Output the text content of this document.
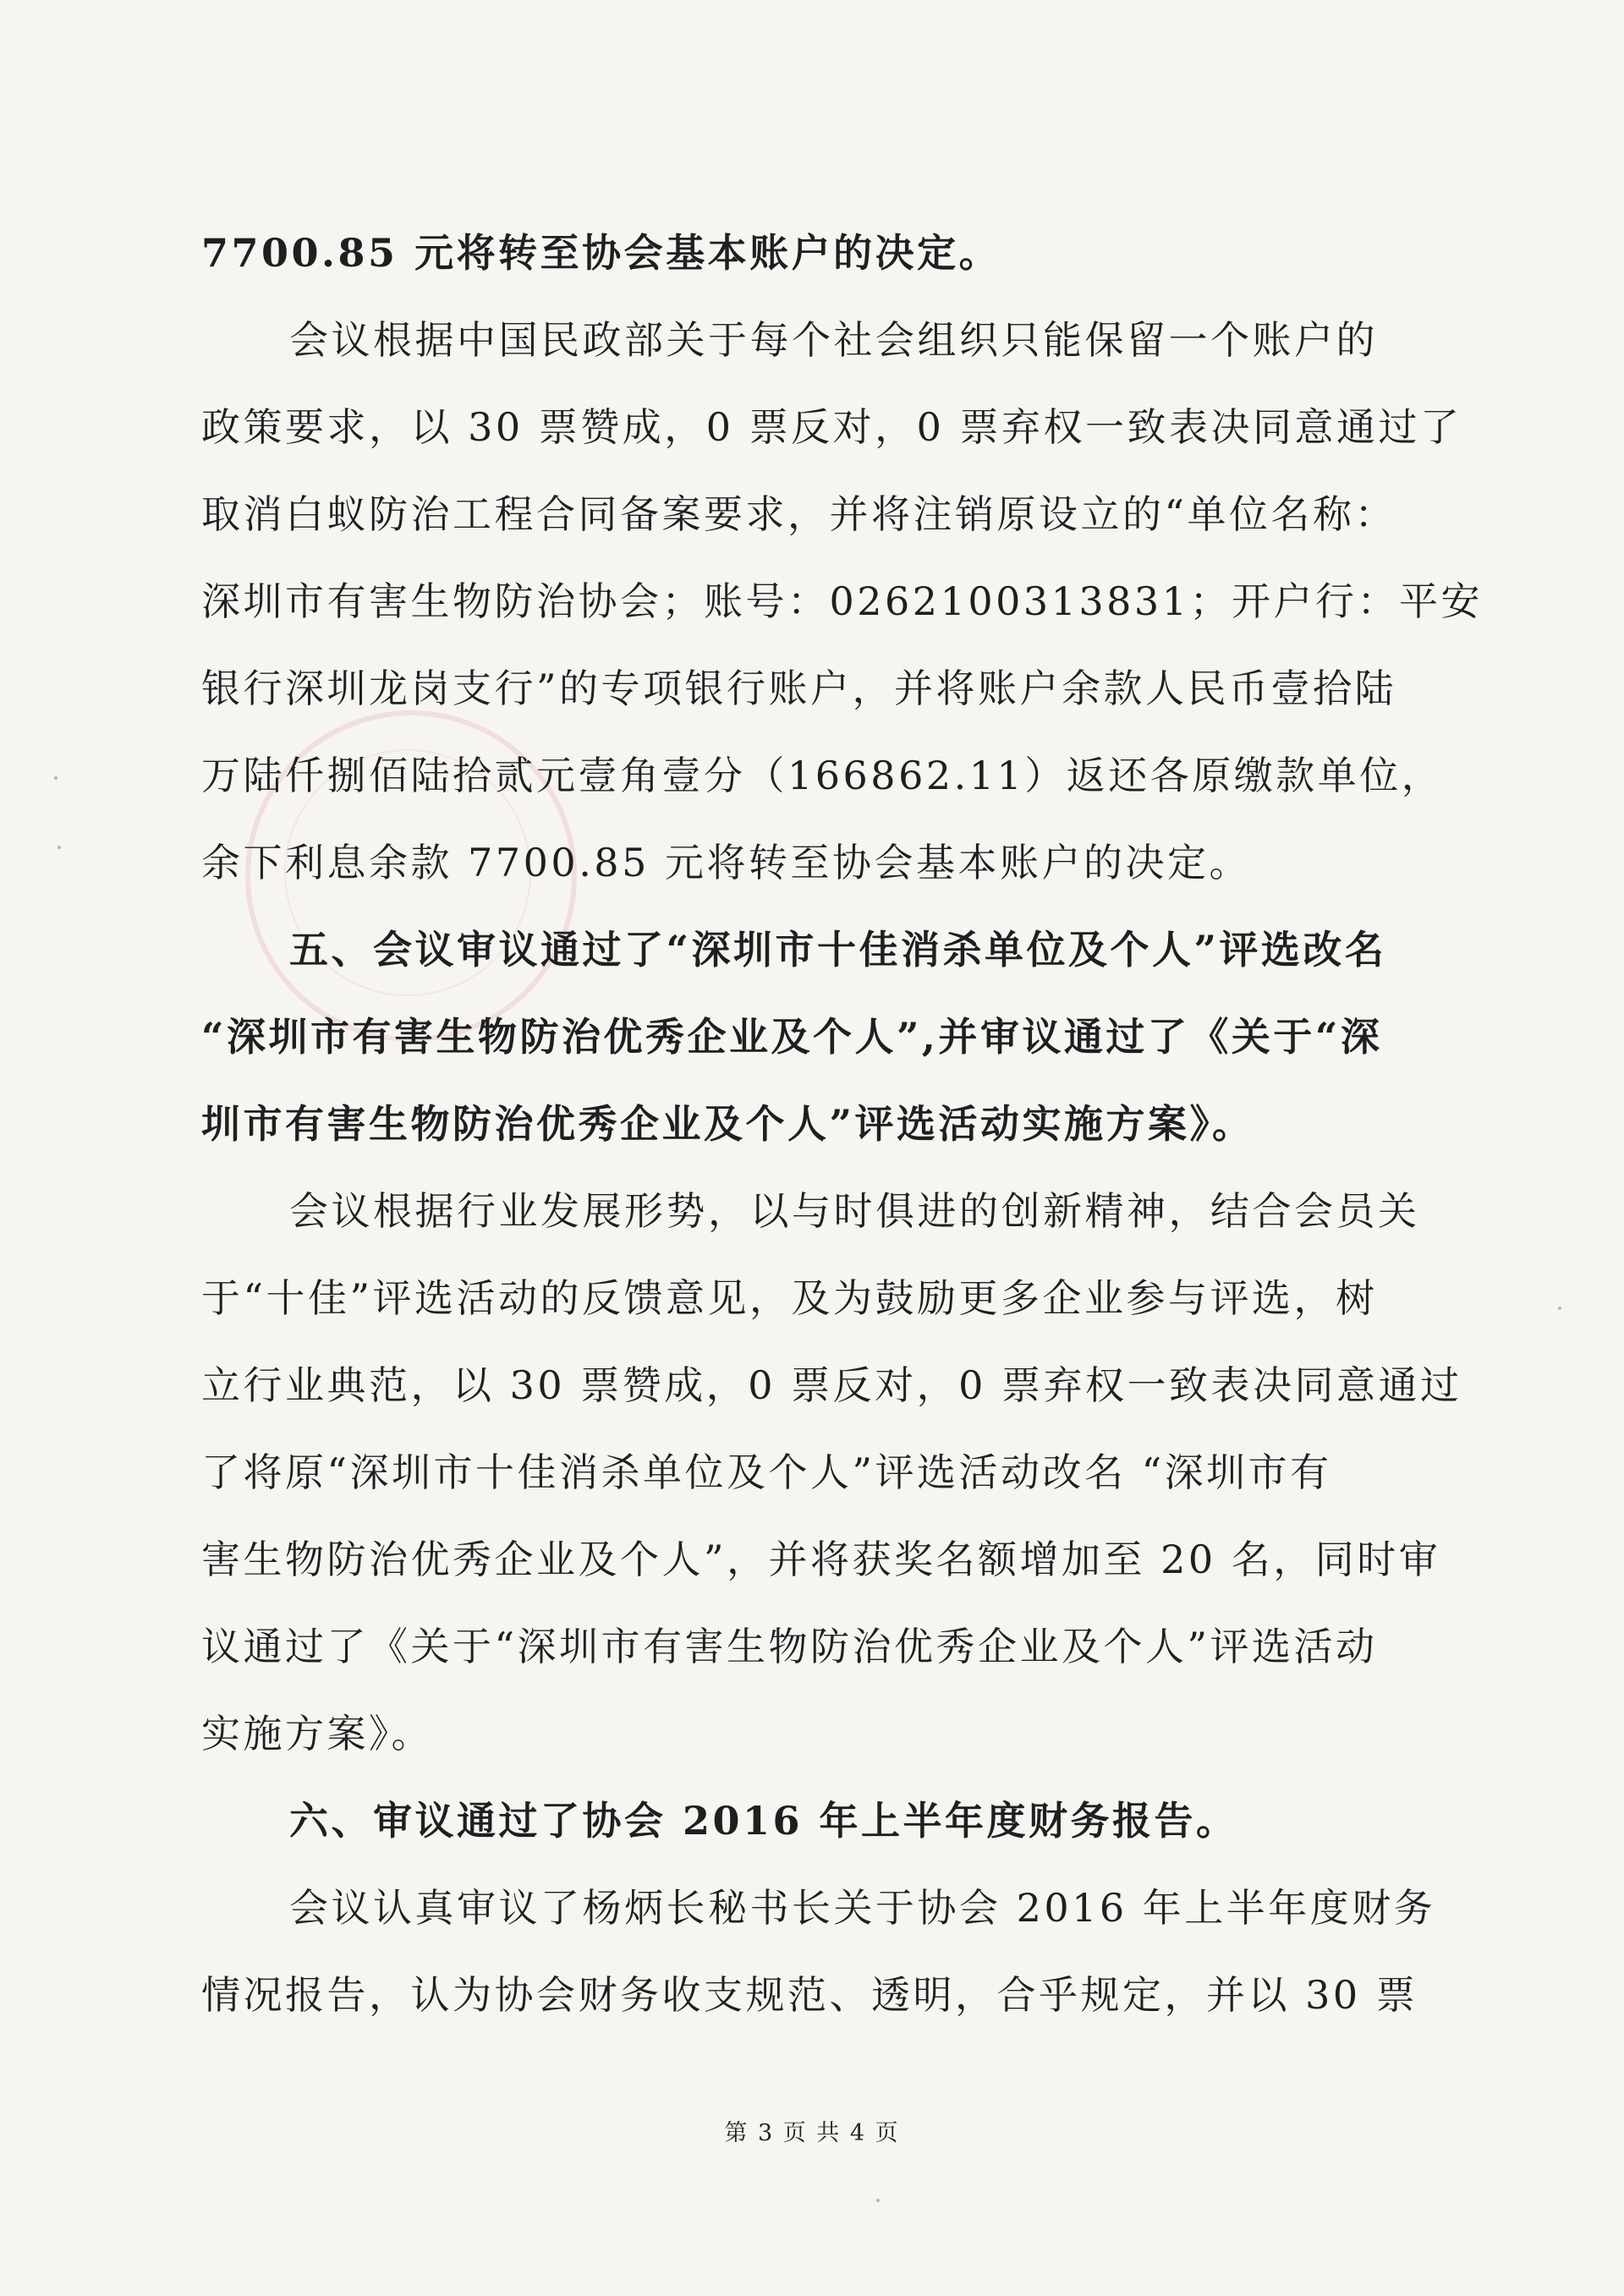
7700.85 元将转至协会基本账户的决定。
会议根据中国民政部关于每个社会组织只能保留一个账户的
政策要求，以 30 票赞成，0 票反对，0 票弃权一致表决同意通过了
取消白蚁防治工程合同备案要求，并将注销原设立的“单位名称：
深圳市有害生物防治协会；账号：0262100313831；开户行：平安
银行深圳龙岗支行”的专项银行账户，并将账户余款人民币壹拾陆
万陆仟捌佰陆拾贰元壹角壹分（166862.11）返还各原缴款单位，
余下利息余款 7700.85 元将转至协会基本账户的决定。
五、会议审议通过了“深圳市十佳消杀单位及个人”评选改名
“深圳市有害生物防治优秀企业及个人”,并审议通过了《关于“深
圳市有害生物防治优秀企业及个人”评选活动实施方案》。
会议根据行业发展形势，以与时俱进的创新精神，结合会员关
于“十佳”评选活动的反馈意见，及为鼓励更多企业参与评选，树
立行业典范，以 30 票赞成，0 票反对，0 票弃权一致表决同意通过
了将原“深圳市十佳消杀单位及个人”评选活动改名 “深圳市有
害生物防治优秀企业及个人”，并将获奖名额增加至 20 名，同时审
议通过了《关于“深圳市有害生物防治优秀企业及个人”评选活动
实施方案》。
六、审议通过了协会 2016 年上半年度财务报告。
会议认真审议了杨炳长秘书长关于协会 2016 年上半年度财务
情况报告，认为协会财务收支规范、透明，合乎规定，并以 30 票
第 3 页 共 4 页
